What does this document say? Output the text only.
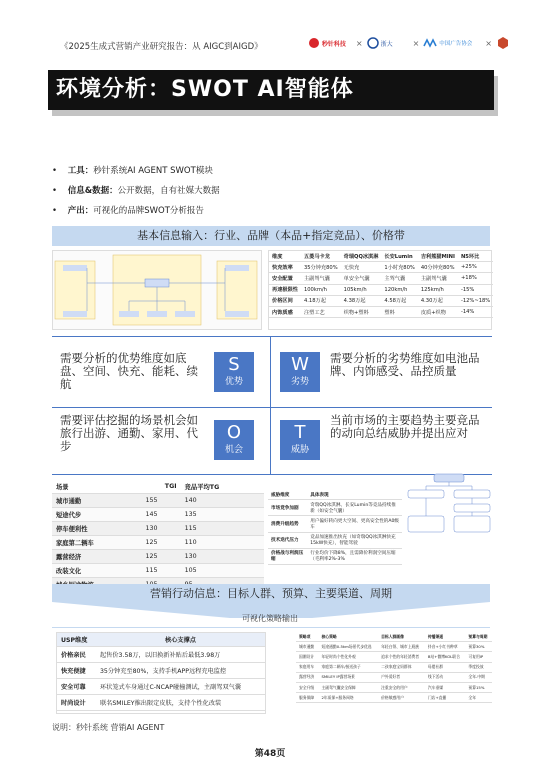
《2025生成式营销产业研究报告：从 AIGC到AIGD》	秒针科技 ×	浙大 ×	中国广告协会 ×
环境分析：SWOT AI智能体
• 工具：秒针系统AI AGENT SWOT模块
• 信息&数据：公开数据，自有社媒大数据
• 产出：可视化的品牌SWOT分析报告
基本信息输入：行业、品牌（本品+指定竞品）、价格带
维度	五菱马卡龙	奇瑞QQ冰淇淋	长安Lumin	吉利熊猫MINI	N5环比
快充效率	35分钟充80%	无快充	1小时充80%	40分钟充80%	+25%
安全配置	主副驾气囊	单安全气囊	主驾气囊	主副驾气囊	+18%
再速极限性	100km/h	105km/h	120km/h	125km/h	-15%
价格区间	4.18万起	4.38万起	4.58万起	4.30万起	-12%~18%
内饰质感	注塑工艺	织物+塑料	塑料	皮质+织物	-14%
需要分析的优势维度如底盘、空间、快充、能耗、续航
S
优势
W
劣势
需要分析的劣势维度如电池品牌、内饰感受、品控质量
需要评估挖掘的场景机会如旅行出游、通勤、家用、代步
O
机会
T
威胁
当前市场的主要趋势主要竞品的动向总结威胁并提出应对
场景	TGI	竞品平均TG
城市通勤	155	140
短途代步	145	135
停车便利性	130	115
家庭第二辆车	125	110
露营经济	125	130
改装文化	115	105

威胁维度	具体表现
市场竞争加剧	奇瑞QQ冰淇淋、长安Lumin等竞品持续推新（如安全气囊）
消费升级趋势	用户偏好转向更大空间、更高安全性的A0级车
技术迭代压力	竞品加速推出快充（如奇瑞QQ冰淇淋快充15kW快充），智能驾驶
价格战与利润压缩	行业均价下降8%，且需降价利润空间压缩（毛利率2%-3%
营销行动信息：目标人群、预算、主要渠道、周期
可视化策略输出
USP维度	核心支撑点
价格亲民	起售价3.58万，以旧换新补贴后最低3.98万
快充便捷	35分钟充至80%，支持手机APP远程充电监控
安全可靠	环状笼式车身通过C-NCAP碰撞测试，主副驾双气囊
时尚设计	联名SMILEY推出限定皮肤，支持个性化改装
策略项	核心策略	目标人群画像	传播渠道	预算与周期
城市通勤	短途通勤0-5km场景代步优选	年轻白领、城市上班族	抖音+小红书种草	预算30%
国潮设计	年轻时尚个性化外观	追求个性的年轻消费者	B站+微博KOL联合	可复用IP
家庭用车	家庭第二辆车/接送孩子	二孩家庭宝妈群体	母婴社群	季度投放
露营经济	SMILEY IP露营场景	户外爱好者	线下活动	全年-中期
安全升级	主副驾气囊安全保障	注重安全的用户	汽车垂媒	预算15%
服务保障	2年质保+服务网络	价格敏感用户	门店+直播	全年
说明：秒针系统 营销AI AGENT
第48页
